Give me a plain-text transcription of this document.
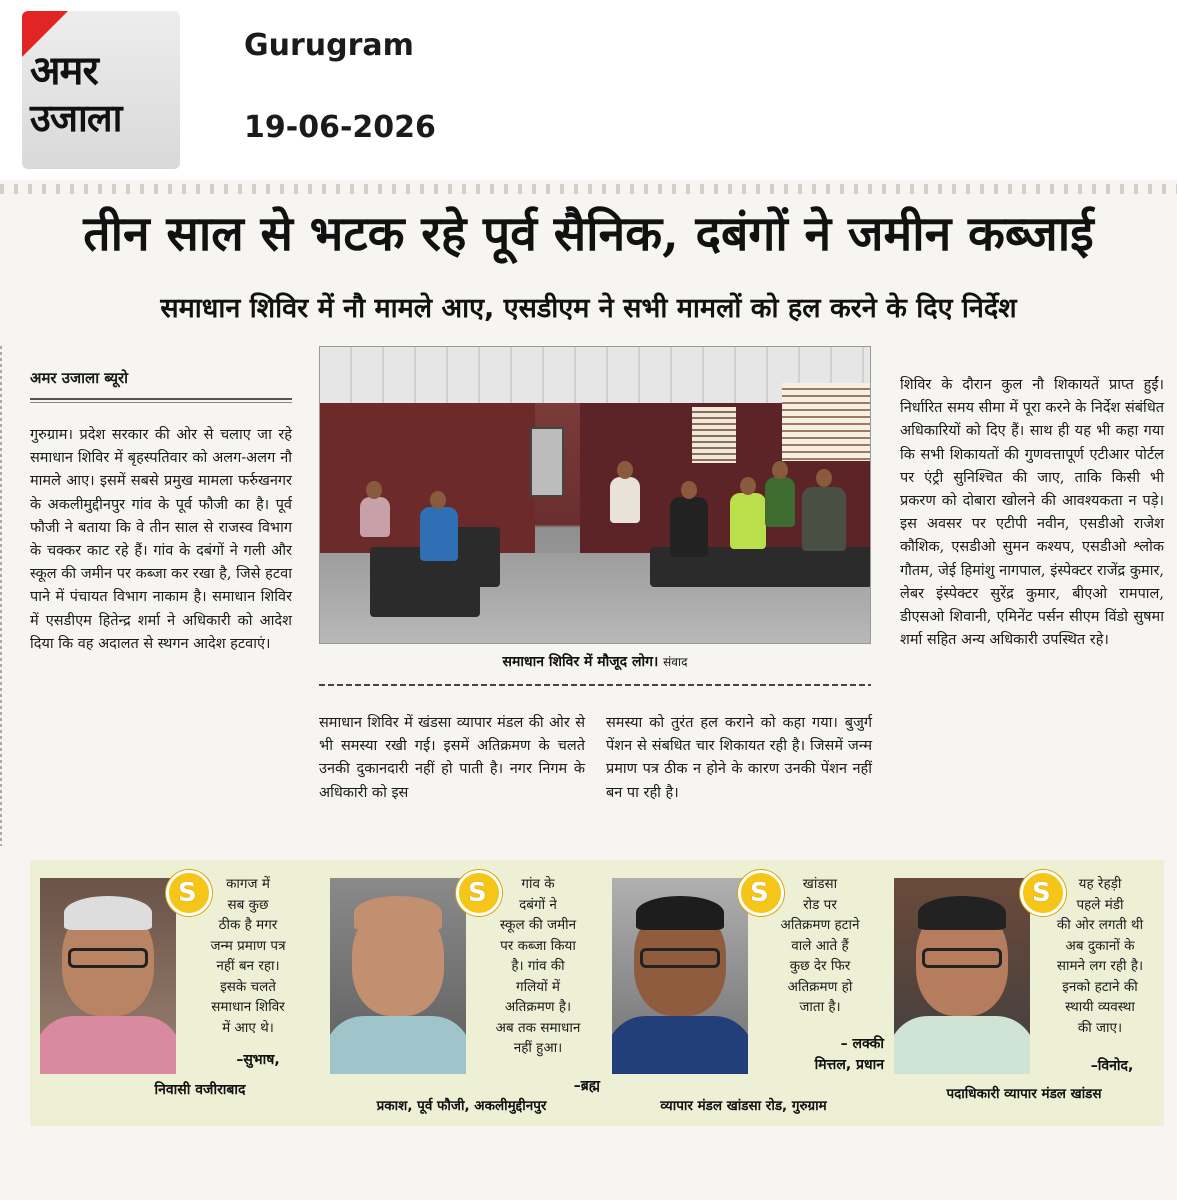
अमर
उजाला
Gurugram
19-06-2026
तीन साल से भटक रहे पूर्व सैनिक, दबंगों ने जमीन कब्जाई
समाधान शिविर में नौ मामले आए, एसडीएम ने सभी मामलों को हल करने के दिए निर्देश
अमर उजाला ब्यूरो
गुरुग्राम। प्रदेश सरकार की ओर से चलाए जा रहे समाधान शिविर में बृहस्पतिवार को अलग-अलग नौ मामले आए। इसमें सबसे प्रमुख मामला फर्रुखनगर के अकलीमुद्दीनपुर गांव के पूर्व फौजी का है। पूर्व फौजी ने बताया कि वे तीन साल से राजस्व विभाग के चक्कर काट रहे हैं। गांव के दबंगों ने गली और स्कूल की जमीन पर कब्जा कर रखा है, जिसे हटवा पाने में पंचायत विभाग नाकाम है। समाधान शिविर में एसडीएम हितेन्द्र शर्मा ने अधिकारी को आदेश दिया कि वह अदालत से स्थगन आदेश हटवाएं।
समाधान शिविर में मौजूद लोग। संवाद
समाधान शिविर में खंडसा व्यापार मंडल की ओर से भी समस्या रखी गई। इसमें अतिक्रमण के चलते उनकी दुकानदारी नहीं हो पाती है। नगर निगम के अधिकारी को इस
समस्या को तुरंत हल कराने को कहा गया। बुजुर्ग पेंशन से संबधित चार शिकायत रही है। जिसमें जन्म प्रमाण पत्र ठीक न होने के कारण उनकी पेंशन नहीं बन पा रही है।
शिविर के दौरान कुल नौ शिकायतें प्राप्त हुईं। निर्धारित समय सीमा में पूरा करने के निर्देश संबंधित अधिकारियों को दिए हैं। साथ ही यह भी कहा गया कि सभी शिकायतों की गुणवत्तापूर्ण एटीआर पोर्टल पर एंट्री सुनिश्चित की जाए, ताकि किसी भी प्रकरण को दोबारा खोलने की आवश्यकता न पड़े। इस अवसर पर एटीपी नवीन, एसडीओ राजेश कौशिक, एसडीओ सुमन कश्यप, एसडीओ श्लोक गौतम, जेई हिमांशु नागपाल, इंस्पेक्टर राजेंद्र कुमार, लेबर इंस्पेक्टर सुरेंद्र कुमार, बीएओ रामपाल, डीएसओ शिवानी, एमिनेंट पर्सन सीएम विंडो सुषमा शर्मा सहित अन्य अधिकारी उपस्थित रहे।
S	कागज में
सब कुछ
ठीक है मगर
जन्म प्रमाण पत्र
नहीं बन रहा।
इसके चलते
समाधान शिविर
में आए थे।
–सुभाष,
निवासी वजीराबाद
S	गांव के
दबंगों ने
स्कूल की जमीन
पर कब्जा किया
है। गांव की
गलियों में
अतिक्रमण है।
अब तक समाधान
नहीं हुआ।
–ब्रह्म
प्रकाश, पूर्व फौजी, अकलीमुद्दीनपुर
S	खांडसा
रोड पर
अतिक्रमण हटाने
वाले आते हैं
कुछ देर फिर
अतिक्रमण हो
जाता है।
– लक्की
मित्तल, प्रधान
व्यापार मंडल खांडसा रोड, गुरुग्राम
S	यह रेहड़ी
पहले मंडी
की ओर लगती थी
अब दुकानों के
सामने लग रही है।
इनको हटाने की
स्थायी व्यवस्था
की जाए।
–विनोद,
पदाधिकारी व्यापार मंडल खांडस
